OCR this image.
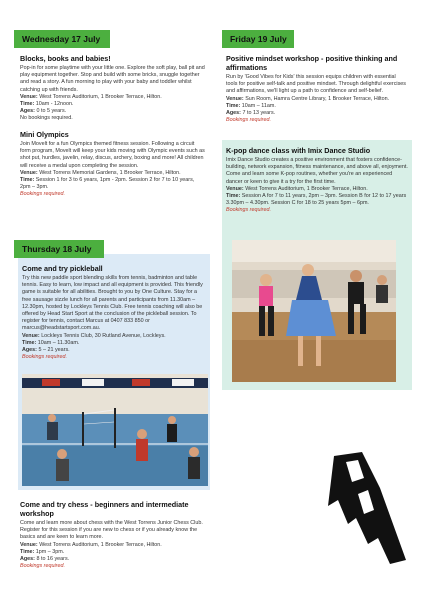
Wednesday 17 July

Blocks, books and babies!

Pop-in for some playtime with your little one. Explore the soft play, ball pit and play equipment together. Stop and build with some bricks, snuggle together and read a story. A fun morning to play with your baby and toddler whilst catching up with friends.

Venue: West Torrens Auditorium, 1 Brooker Terrace, Hilton.

Time: 10am - 12noon.

Ages: 0 to 5 years.

No bookings required.

Mini Olympics

Join Movelt for a fun Olympics themed fitness session. Following a circuit form program, Movelt will keep your kids moving with Olympic events such as shot put, hurdles, javelin, relay, discus, archery, boxing and more! All children will receive a medal upon completing the session.

Venue: West Torrens Memorial Gardens, 1 Brooker Terrace, Hilton.

Time: Session 1 for 3 to 6 years, 1pm - 2pm. Session 2 for 7 to 10 years, 2pm – 3pm.

Bookings required.
Thursday 18 July

Come and try pickleball

Try this new paddle sport blending skills from tennis, badminton and table tennis. Easy to learn, low impact and all equipment is provided. This friendly game is suitable for all abilities. Brought to you by One Culture. Stay for a free sausage sizzle lunch for all parents and participants from 11.30am – 12.30pm, hosted by Lockleys Tennis Club. Free tennis coaching will also be offered by Head Start Sport at the conclusion of the pickleball session. To register for tennis, contact Marcus at 0407 833 850 or marcus@headstartsport.com.au.

Venue: Lockleys Tennis Club, 30 Rutland Avenue, Lockleys.

Time: 10am – 11.30am.

Ages: 5 – 21 years.

Bookings required.

Come and try chess - beginners and intermediate workshop

Come and learn more about chess with the West Torrens Junior Chess Club. Register for this session if you are new to chess or if you already know the basics and are keen to learn more.

Venue: West Torrens Auditorium, 1 Brooker Terrace, Hilton.

Time: 1pm – 3pm.

Ages: 8 to 16 years.

Bookings required.
Friday 19 July

Positive mindset workshop - positive thinking and affirmations

Run by 'Good Vibes for Kids' this session equips children with essential tools for positive self-talk and positive mindset. Through delightful exercises and affirmations, we'll light up a path to confidence and self-belief.

Venue: Sun Room, Hamra Centre Library, 1 Brooker Terrace, Hilton.

Time: 10am – 11am.

Ages: 7 to 13 years.

Bookings required.

K-pop dance class with Imix Dance Studio

Imix Dance Studio creates a positive environment that fosters confidence-building, network expansion, fitness maintenance, and above all, enjoyment. Come and learn some K-pop routines, whether you're an experienced dancer or keen to give it a try for the first time.

Venue: West Torrens Auditorium, 1 Brooker Terrace, Hilton.

Time: Session A for 7 to 11 years, 2pm – 3pm. Session B for 12 to 17 years 3.30pm – 4.30pm. Session C for 18 to 25 years 5pm – 6pm.

Bookings required.
